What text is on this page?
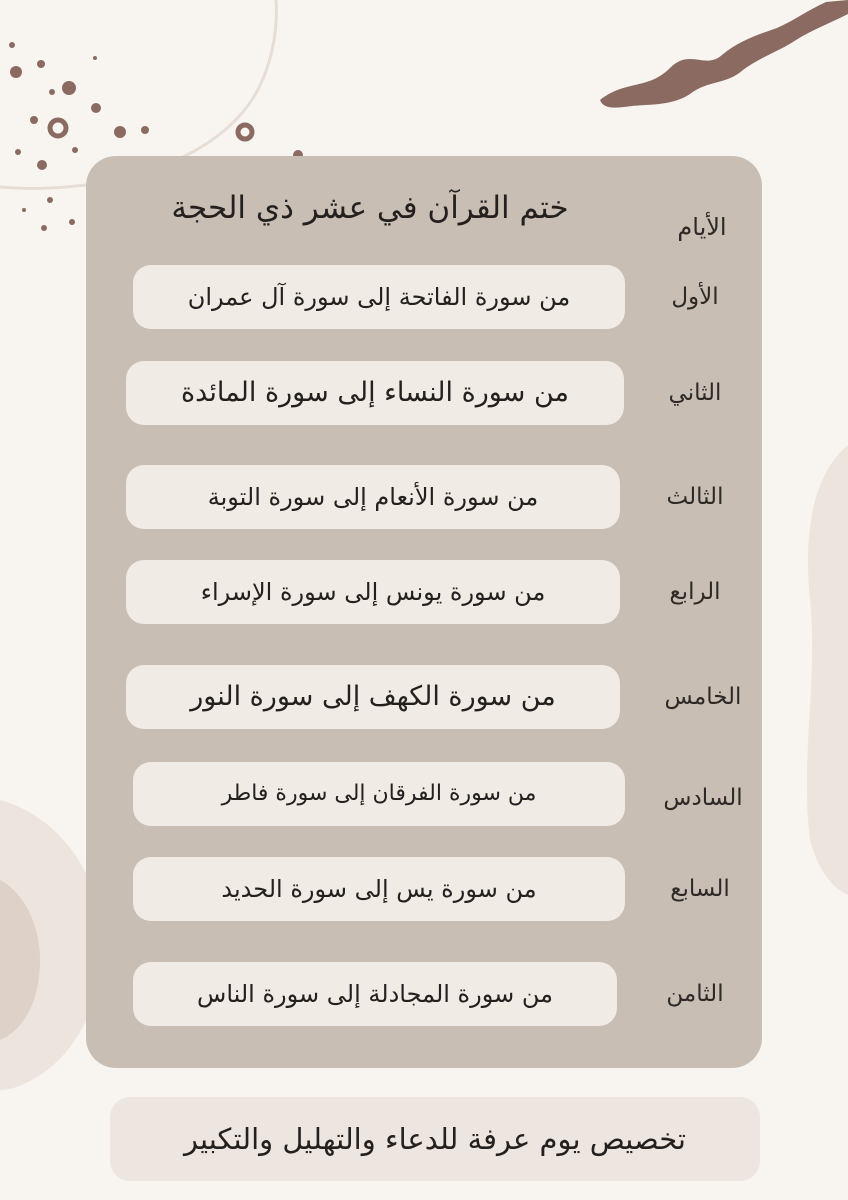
ختم القرآن في عشر ذي الحجة
الأيام
الأول
من سورة الفاتحة إلى سورة آل عمران
الثاني
من سورة النساء إلى سورة المائدة
الثالث
من سورة الأنعام إلى سورة التوبة
الرابع
من سورة يونس إلى سورة الإسراء
الخامس
من سورة الكهف إلى سورة النور
السادس
من سورة الفرقان إلى سورة فاطر
السابع
من سورة يس إلى سورة الحديد
الثامن
من سورة المجادلة إلى سورة الناس
تخصيص يوم عرفة للدعاء والتهليل والتكبير
